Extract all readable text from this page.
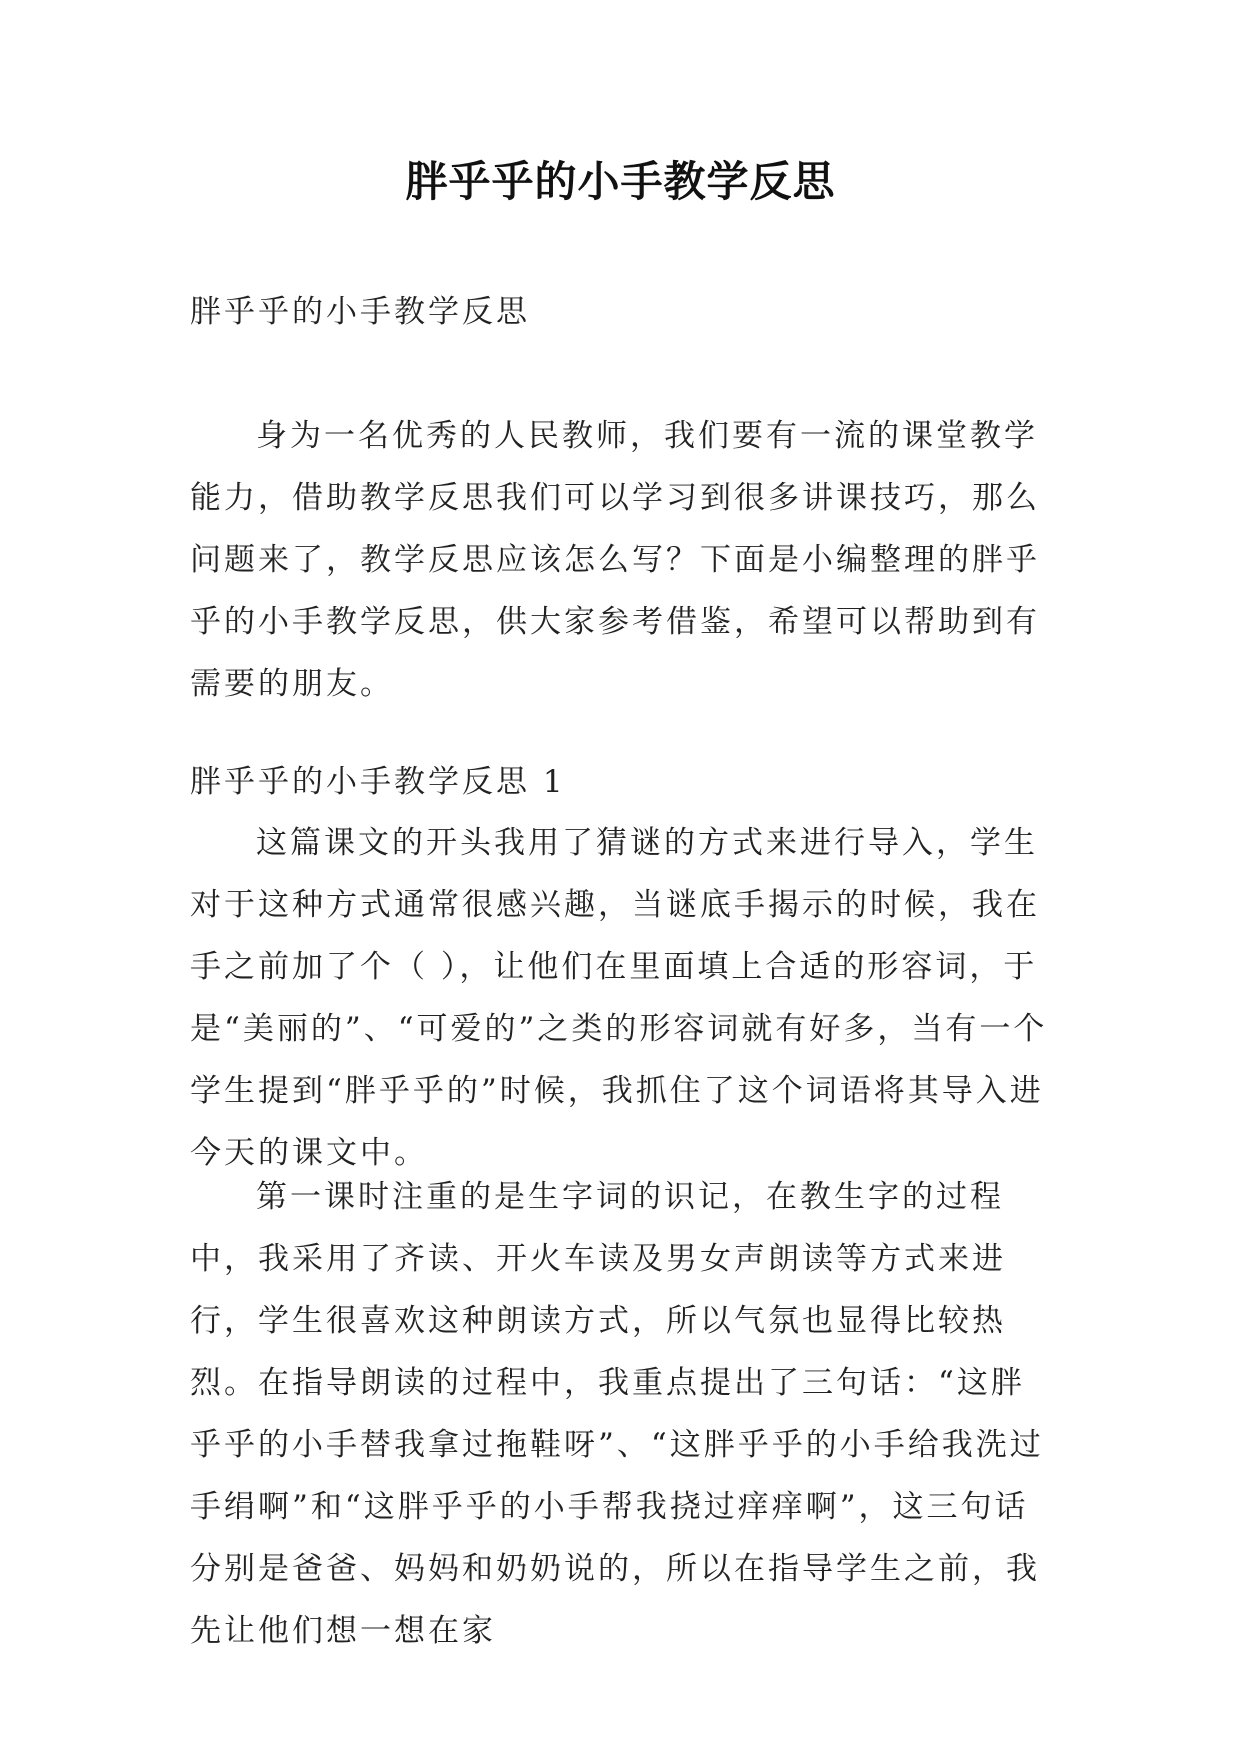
胖乎乎的小手教学反思
胖乎乎的小手教学反思
身为一名优秀的人民教师，我们要有一流的课堂教学能力，借助教学反思我们可以学习到很多讲课技巧，那么问题来了，教学反思应该怎么写？下面是小编整理的胖乎乎的小手教学反思，供大家参考借鉴，希望可以帮助到有需要的朋友。
胖乎乎的小手教学反思 1
这篇课文的开头我用了猜谜的方式来进行导入，学生对于这种方式通常很感兴趣，当谜底手揭示的时候，我在手之前加了个（ ），让他们在里面填上合适的形容词，于是“美丽的”、“可爱的”之类的形容词就有好多，当有一个学生提到“胖乎乎的”时候，我抓住了这个词语将其导入进今天的课文中。
第一课时注重的是生字词的识记，在教生字的过程中，我采用了齐读、开火车读及男女声朗读等方式来进行，学生很喜欢这种朗读方式，所以气氛也显得比较热烈。在指导朗读的过程中，我重点提出了三句话：“这胖乎乎的小手替我拿过拖鞋呀”、“这胖乎乎的小手给我洗过手绢啊”和“这胖乎乎的小手帮我挠过痒痒啊”，这三句话分别是爸爸、妈妈和奶奶说的，所以在指导学生之前，我先让他们想一想在家
